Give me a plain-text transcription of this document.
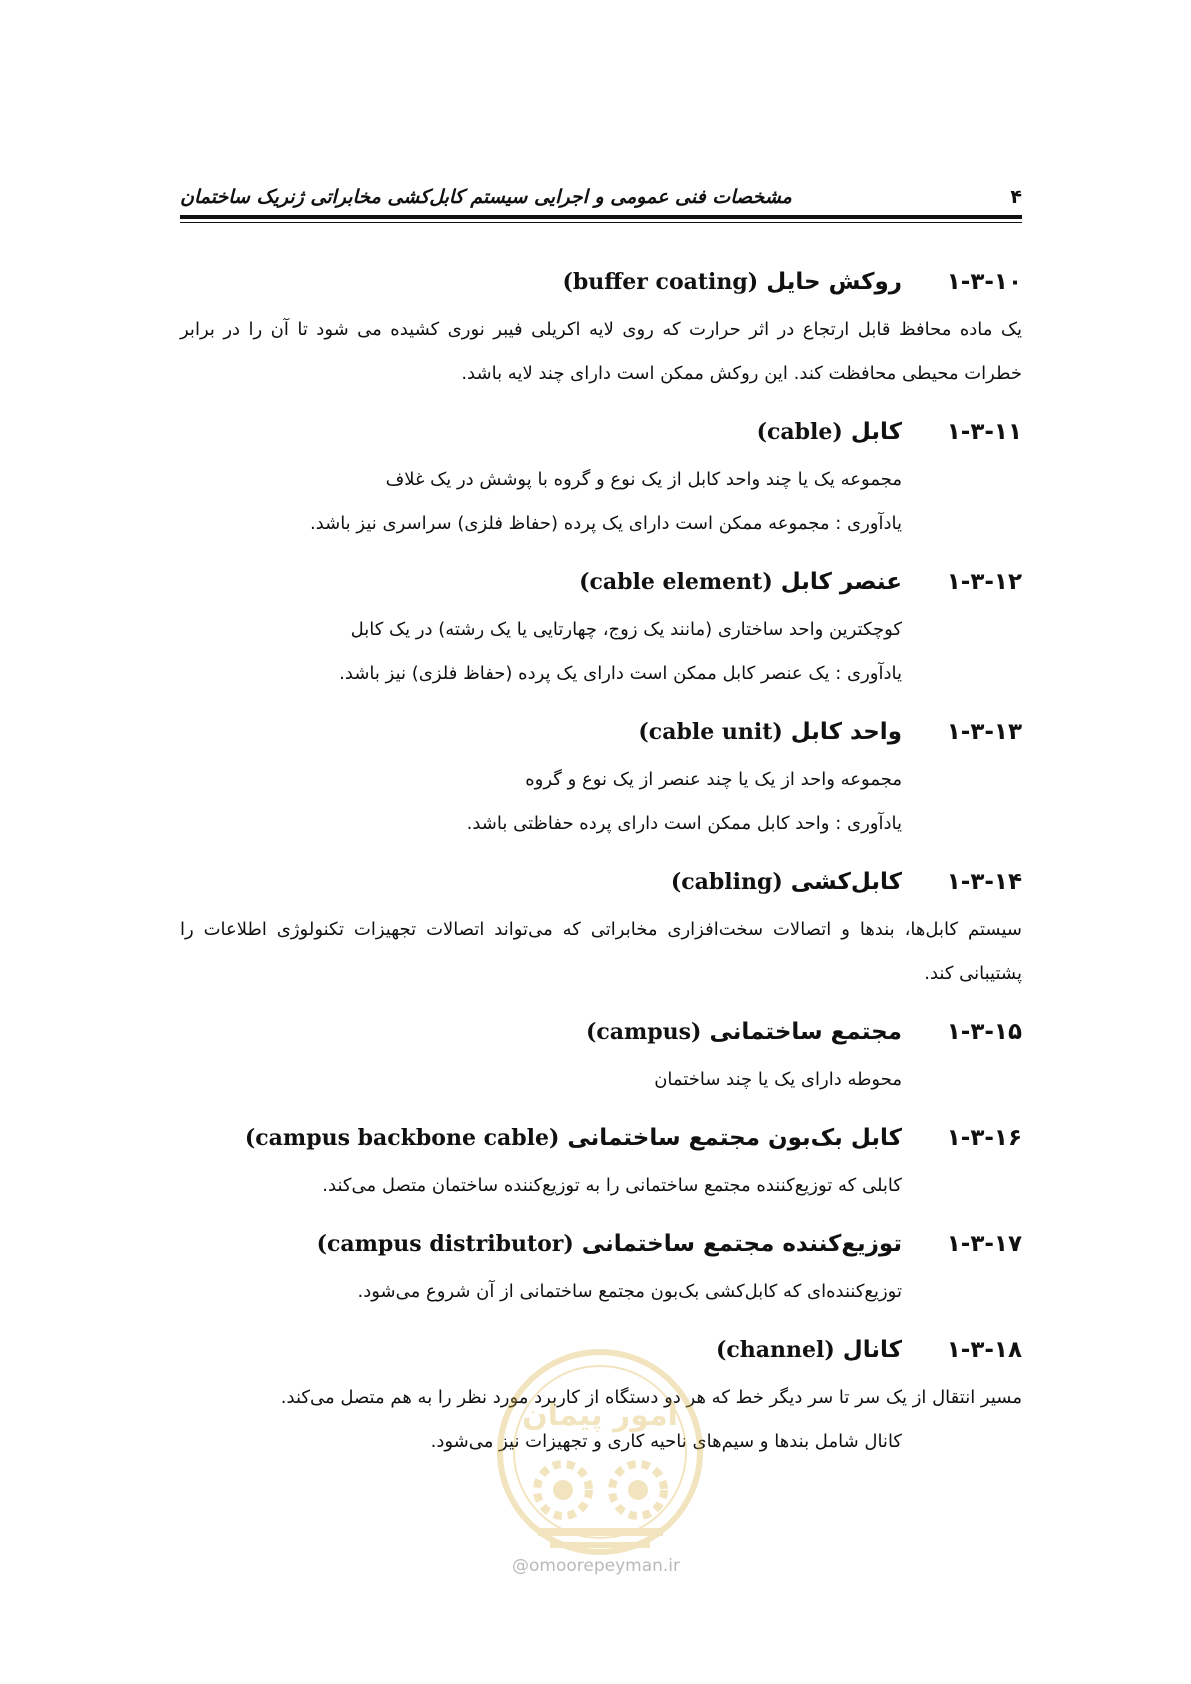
۴
مشخصات فنی عمومی و اجرایی سیستم کابل‌کشی مخابراتی ژنریک ساختمان
۱-۳-۱۰
روکش حایل
(buffer coating)

یک ماده محافظ قابل ارتجاع در اثر حرارت که روی لایه اکریلی فیبر نوری کشیده می شود تا آن را در برابر خطرات محیطی محافظت کند. این روکش ممکن است دارای چند لایه باشد.

۱-۳-۱۱
کابل
(cable)

مجموعه یک یا چند واحد کابل از یک نوع و گروه با پوشش در یک غلاف

یادآوری : مجموعه ممکن است دارای یک پرده (حفاظ فلزی) سراسری نیز باشد.

۱-۳-۱۲
عنصر کابل
(cable element)

کوچکترین واحد ساختاری (مانند یک زوج، چهارتایی یا یک رشته) در یک کابل

یادآوری : یک عنصر کابل ممکن است دارای یک پرده (حفاظ فلزی) نیز باشد.

۱-۳-۱۳
واحد کابل
(cable unit)

مجموعه واحد از یک یا چند عنصر از یک نوع و گروه

یادآوری : واحد کابل ممکن است دارای پرده حفاظتی باشد.

۱-۳-۱۴
کابل‌کشی
(cabling)

سیستم کابل‌ها، بندها و اتصالات سخت‌افزاری مخابراتی که می‌تواند اتصالات تجهیزات تکنولوژی اطلاعات را پشتیبانی کند.

۱-۳-۱۵
مجتمع ساختمانی
(campus)

محوطه دارای یک یا چند ساختمان

۱-۳-۱۶
کابل بک‌بون مجتمع ساختمانی
(campus backbone cable)

کابلی که توزیع‌کننده مجتمع ساختمانی را به توزیع‌کننده ساختمان متصل می‌کند.

۱-۳-۱۷
توزیع‌کننده مجتمع ساختمانی
(campus distributor)

توزیع‌کننده‌ای که کابل‌کشی بک‌بون مجتمع ساختمانی از آن شروع می‌شود.

۱-۳-۱۸
کانال
(channel)

مسیر انتقال از یک سر تا سر دیگر خط که هر دو دستگاه از کاربرد مورد نظر را به هم متصل می‌کند.

کانال شامل بندها و سیم‌های ناحیه کاری و تجهیزات نیز می‌شود.

امور پیمان
@omoorepeyman.ir
